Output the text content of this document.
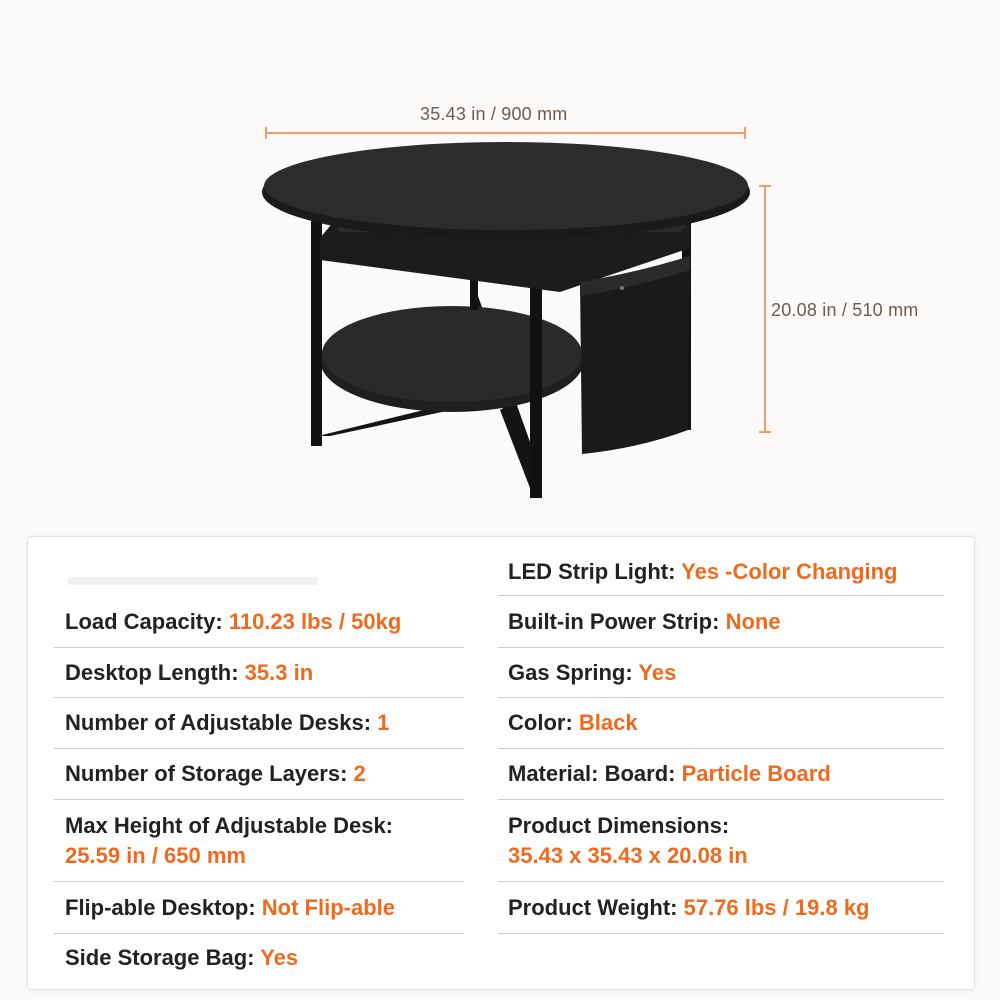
35.43 in / 900 mm
20.08 in / 510 mm
Load Capacity: 110.23 lbs / 50kg
Desktop Length: 35.3 in
Number of Adjustable Desks: 1
Number of Storage Layers: 2
Max Height of Adjustable Desk:
25.59 in / 650 mm
Flip-able Desktop: Not Flip-able
Side Storage Bag: Yes
LED Strip Light: Yes -Color Changing
Built-in Power Strip: None
Gas Spring: Yes
Color: Black
Material: Board: Particle Board
Product Dimensions:
35.43 x 35.43 x 20.08 in
Product Weight: 57.76 lbs / 19.8 kg
